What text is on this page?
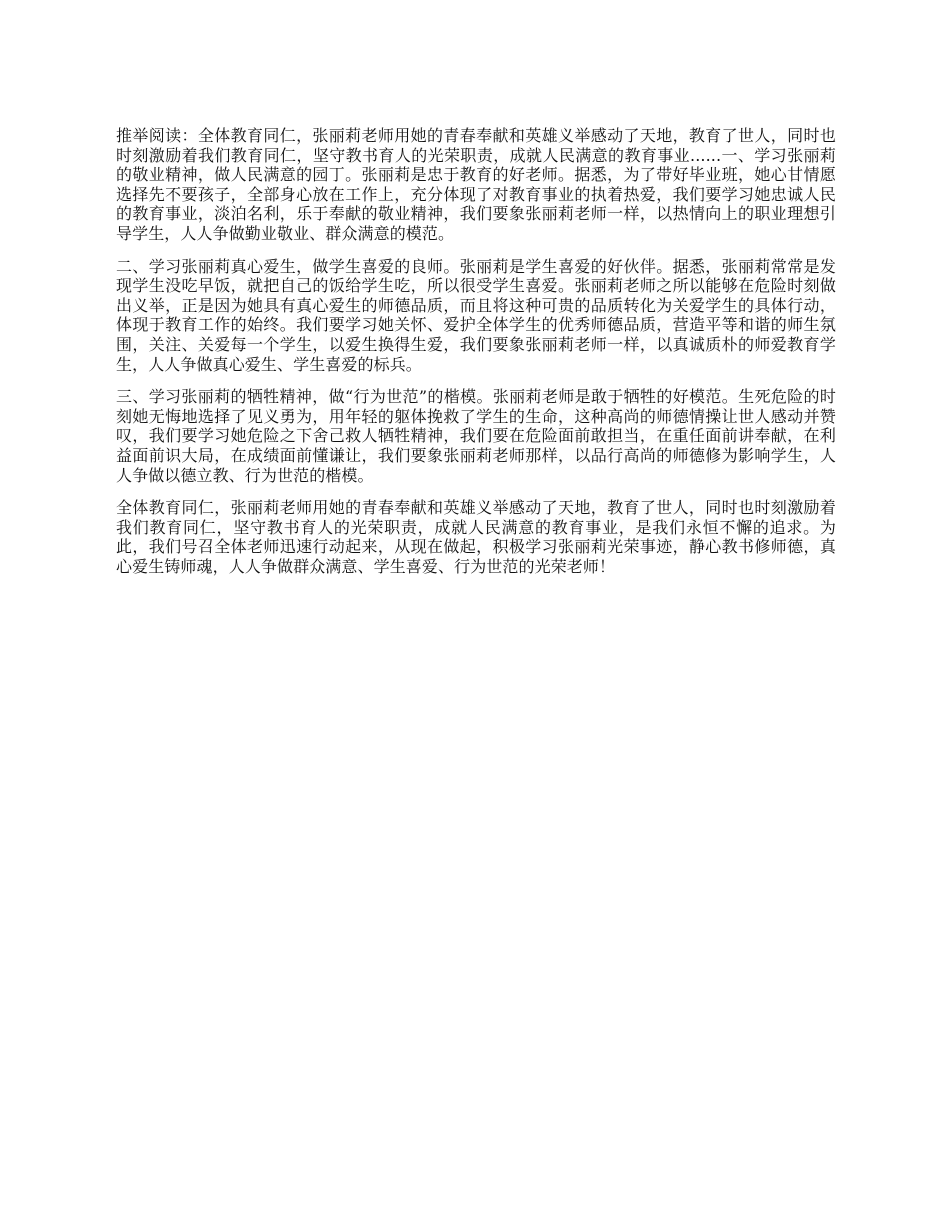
推举阅读：全体教育同仁，张丽莉老师用她的青春奉献和英雄义举感动了天地，教育了世人，同时也时刻激励着我们教育同仁，坚守教书育人的光荣职责，成就人民满意的教育事业......一、学习张丽莉的敬业精神，做人民满意的园丁。张丽莉是忠于教育的好老师。据悉，为了带好毕业班，她心甘情愿选择先不要孩子，全部身心放在工作上，充分体现了对教育事业的执着热爱，我们要学习她忠诚人民的教育事业，淡泊名利，乐于奉献的敬业精神，我们要象张丽莉老师一样，以热情向上的职业理想引导学生，人人争做勤业敬业、群众满意的模范。

二、学习张丽莉真心爱生，做学生喜爱的良师。张丽莉是学生喜爱的好伙伴。据悉，张丽莉常常是发现学生没吃早饭，就把自己的饭给学生吃，所以很受学生喜爱。张丽莉老师之所以能够在危险时刻做出义举，正是因为她具有真心爱生的师德品质，而且将这种可贵的品质转化为关爱学生的具体行动，体现于教育工作的始终。我们要学习她关怀、爱护全体学生的优秀师德品质，营造平等和谐的师生氛围，关注、关爱每一个学生，以爱生换得生爱，我们要象张丽莉老师一样，以真诚质朴的师爱教育学生，人人争做真心爱生、学生喜爱的标兵。

三、学习张丽莉的牺牲精神，做“行为世范”的楷模。张丽莉老师是敢于牺牲的好模范。生死危险的时刻她无悔地选择了见义勇为，用年轻的躯体挽救了学生的生命，这种高尚的师德情操让世人感动并赞叹，我们要学习她危险之下舍己救人牺牲精神，我们要在危险面前敢担当，在重任面前讲奉献，在利益面前识大局，在成绩面前懂谦让，我们要象张丽莉老师那样，以品行高尚的师德修为影响学生，人人争做以德立教、行为世范的楷模。

全体教育同仁，张丽莉老师用她的青春奉献和英雄义举感动了天地，教育了世人，同时也时刻激励着我们教育同仁，坚守教书育人的光荣职责，成就人民满意的教育事业，是我们永恒不懈的追求。为此，我们号召全体老师迅速行动起来，从现在做起，积极学习张丽莉光荣事迹，静心教书修师德，真心爱生铸师魂，人人争做群众满意、学生喜爱、行为世范的光荣老师！
